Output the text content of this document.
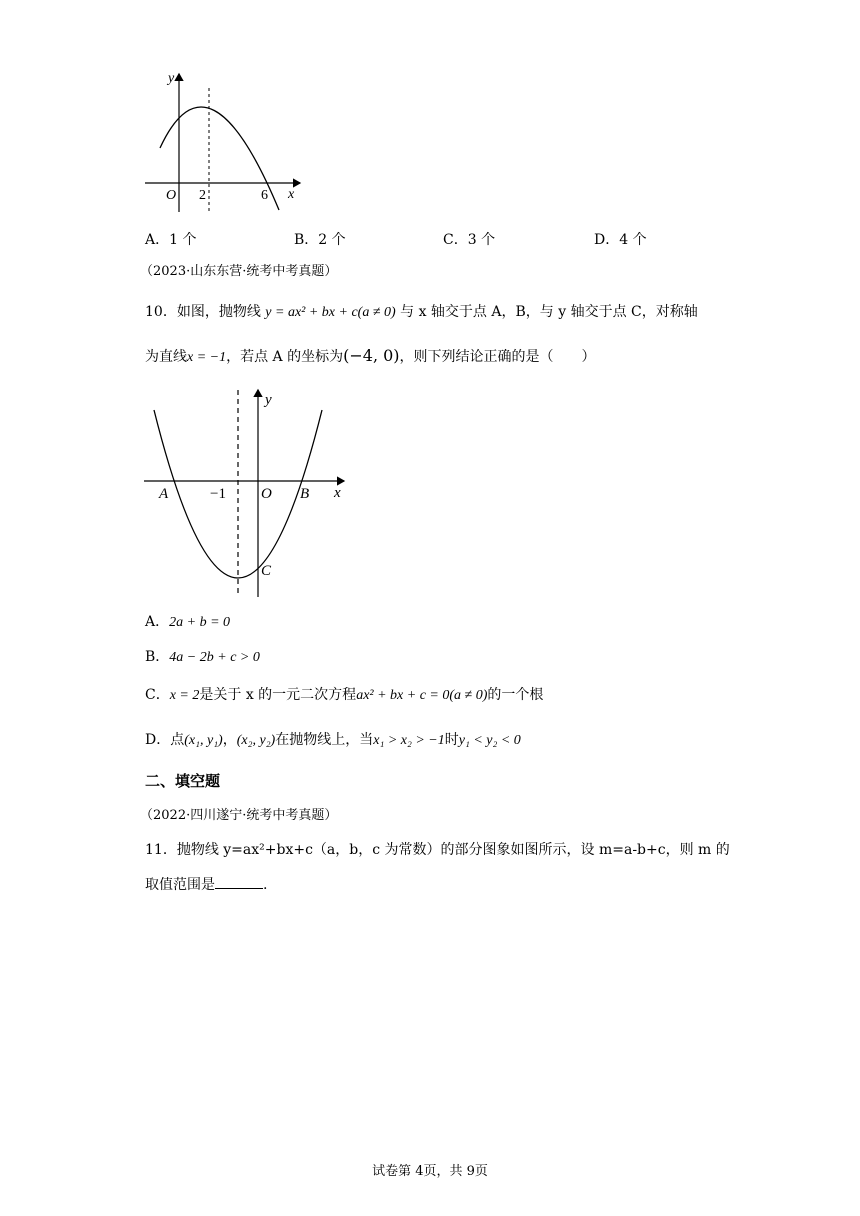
y
x
O 2	6
A．1 个	B．2 个	C．3 个	D．4 个
（2023·山东东营·统考中考真题）
10．如图，抛物线 y = ax² + bx + c(a ≠ 0) 与 x 轴交于点 A，B，与 y 轴交于点 C，对称轴
为直线x = −1，若点 A 的坐标为(−4, 0)，则下列结论正确的是（　　）
y
x
O
A	B
C
−1
A．2a + b = 0
B．4a − 2b + c > 0
C．x = 2是关于 x 的一元二次方程ax² + bx + c = 0(a ≠ 0)的一个根
D．点(x₁, y₁)，(x₂, y₂)在抛物线上，当x₁ > x₂ > −1时y₁ < y₂ < 0
二、填空题
（2022·四川遂宁·统考中考真题）
11．抛物线 y=ax²+bx+c（a，b，c 为常数）的部分图象如图所示，设 m=a-b+c，则 m 的
取值范围是	.
试卷第 4页，共 9页
